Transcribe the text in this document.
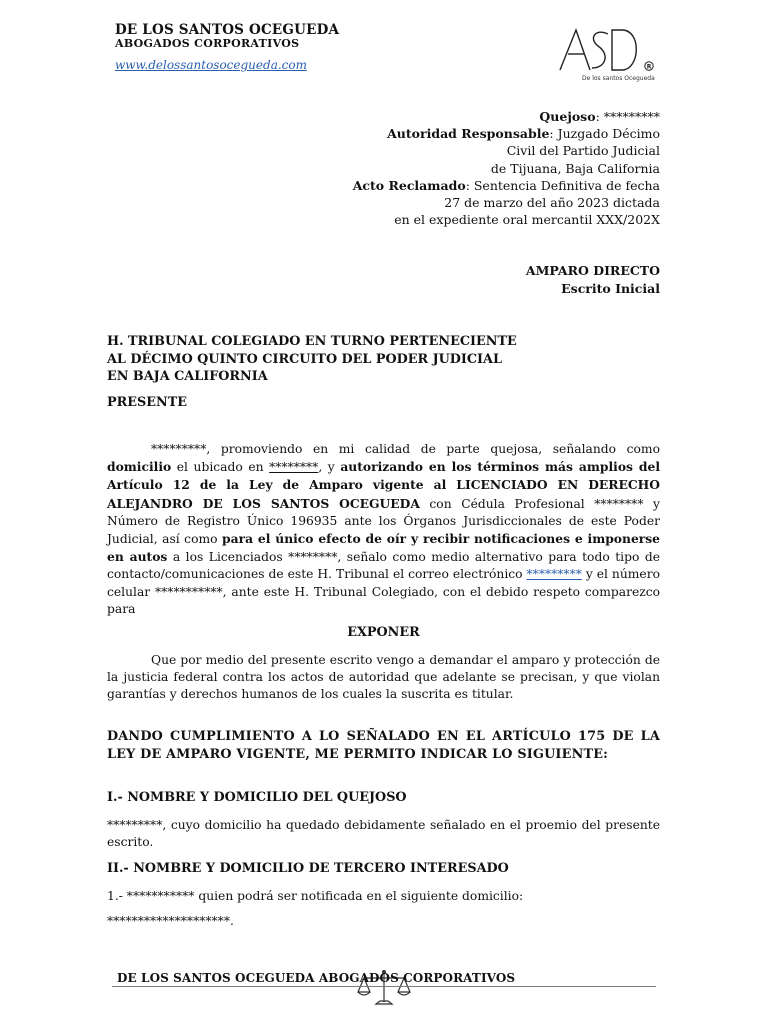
DE LOS SANTOS OCEGUEDA
ABOGADOS CORPORATIVOS
www.delossantosocegueda.com	R
De los santos Ocegueda
Quejoso: *********
Autoridad Responsable: Juzgado Décimo
Civil del Partido Judicial
de Tijuana, Baja California
Acto Reclamado: Sentencia Definitiva de fecha
27 de marzo del año 2023 dictada
en el expediente oral mercantil XXX/202X
AMPARO DIRECTO
Escrito Inicial
H. TRIBUNAL COLEGIADO EN TURNO PERTENECIENTE
AL DÉCIMO QUINTO CIRCUITO DEL PODER JUDICIAL
EN BAJA CALIFORNIA
PRESENTE
*********, promoviendo en mi calidad de parte quejosa, señalando como domicilio el ubicado en ********, y autorizando en los términos más amplios del Artículo 12 de la Ley de Amparo vigente al LICENCIADO EN DERECHO ALEJANDRO DE LOS SANTOS OCEGUEDA con Cédula Profesional ******** y Número de Registro Único 196935 ante los Órganos Jurisdiccionales de este Poder Judicial, así como para el único efecto de oír y recibir notificaciones e imponerse en autos a los Licenciados ********, señalo como medio alternativo para todo tipo de contacto/comunicaciones de este H. Tribunal el correo electrónico ********* y el número celular ***********, ante este H. Tribunal Colegiado, con el debido respeto comparezco para
EXPONER
Que por medio del presente escrito vengo a demandar el amparo y protección de la justicia federal contra los actos de autoridad que adelante se precisan, y que violan garantías y derechos humanos de los cuales la suscrita es titular.
DANDO CUMPLIMIENTO A LO SEÑALADO EN EL ARTÍCULO 175 DE LA LEY DE AMPARO VIGENTE, ME PERMITO INDICAR LO SIGUIENTE:
I.- NOMBRE Y DOMICILIO DEL QUEJOSO
*********, cuyo domicilio ha quedado debidamente señalado en el proemio del presente escrito.
II.- NOMBRE Y DOMICILIO DE TERCERO INTERESADO
1.- *********** quien podrá ser notificada en el siguiente domicilio:
********************.
DE LOS SANTOS OCEGUEDA ABOGADOS CORPORATIVOS
